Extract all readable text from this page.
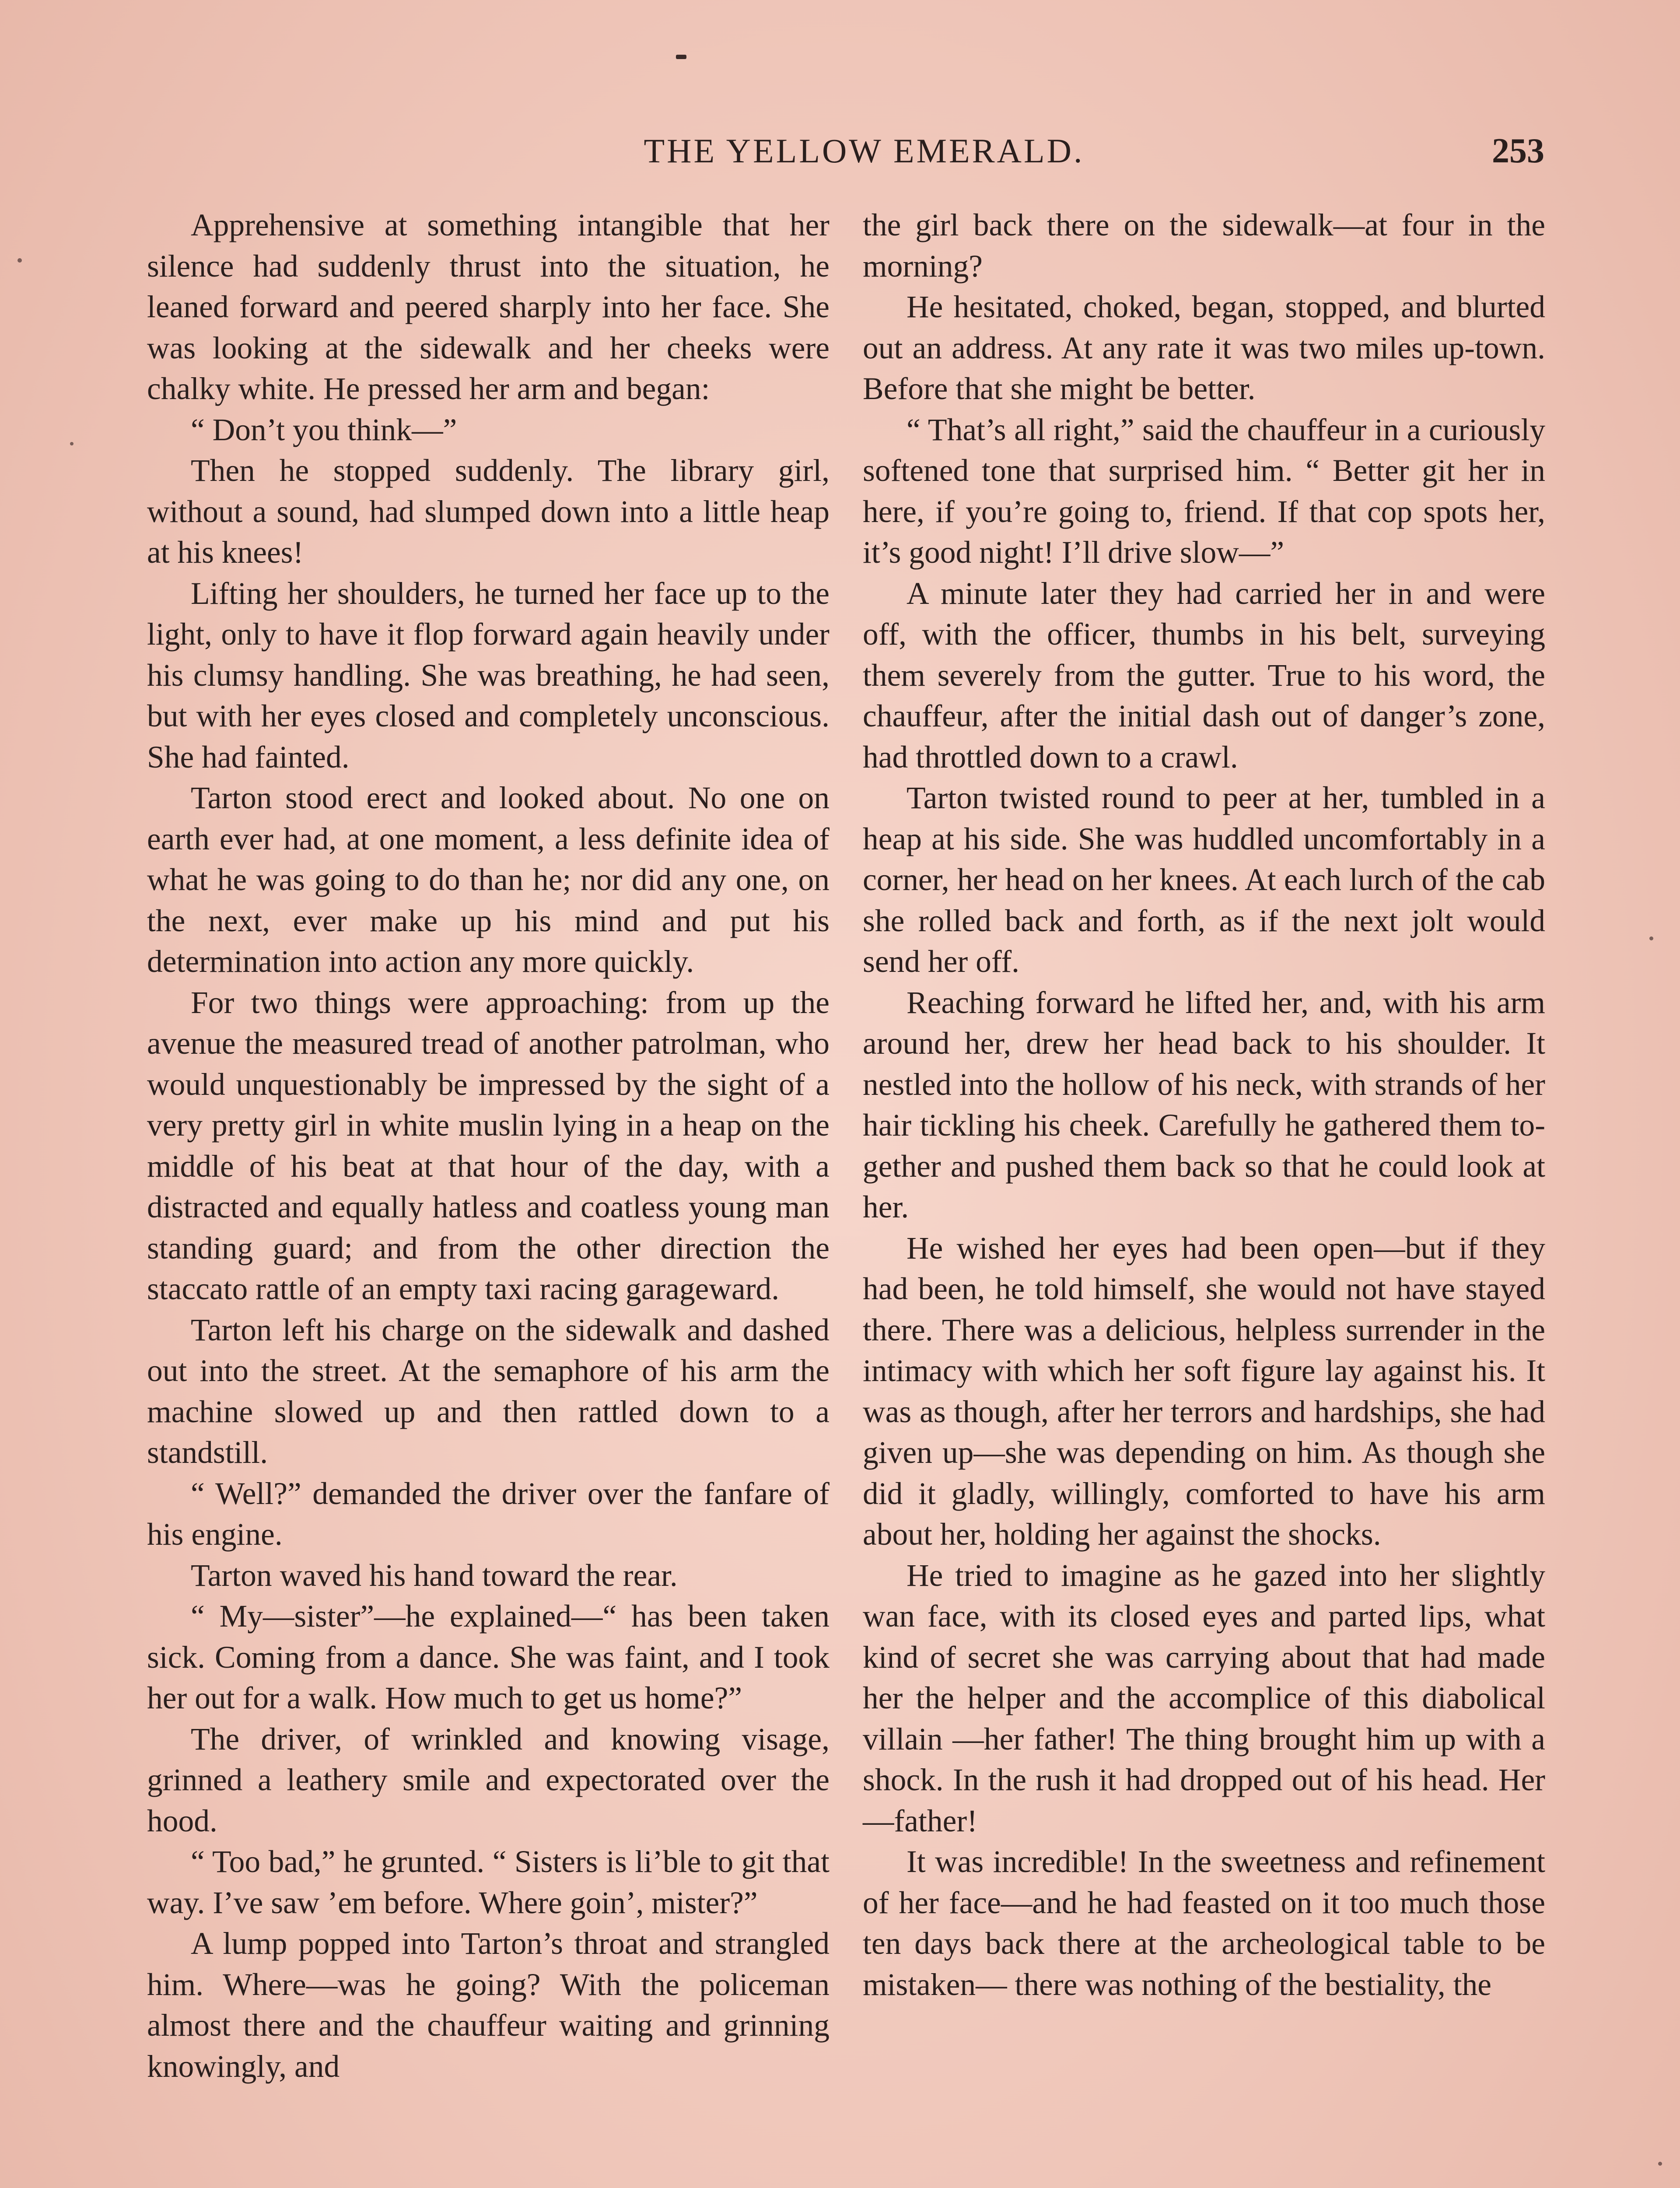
THE YELLOW EMERALD.	253

Apprehensive at something intangible that her silence had suddenly thrust into the situation, he leaned forward and peered sharply into her face. She was looking at the sidewalk and her cheeks were chalky white. He pressed her arm and began:

“ Don’t you think—”

Then he stopped suddenly. The library girl, without a sound, had slumped down into a little heap at his knees!

Lifting her shoulders, he turned her face up to the light, only to have it flop forward again heavily under his clumsy handling. She was breathing, he had seen, but with her eyes closed and completely unconscious. She had fainted.

Tarton stood erect and looked about. No one on earth ever had, at one moment, a less definite idea of what he was going to do than he; nor did any one, on the next, ever make up his mind and put his determination into action any more quickly.

For two things were approaching: from up the avenue the measured tread of another patrolman, who would unquestionably be impressed by the sight of a very pretty girl in white muslin lying in a heap on the middle of his beat at that hour of the day, with a distracted and equally hatless and coatless young man standing guard; and from the other direction the staccato rattle of an empty taxi racing garageward.

Tarton left his charge on the sidewalk and dashed out into the street. At the semaphore of his arm the machine slowed up and then rattled down to a standstill.

“ Well?” demanded the driver over the fanfare of his engine.

Tarton waved his hand toward the rear.

“ My—sister”—he explained—“ has been taken sick. Coming from a dance. She was faint, and I took her out for a walk. How much to get us home?”

The driver, of wrinkled and knowing visage, grinned a leathery smile and expectorated over the hood.

“ Too bad,” he grunted. “ Sisters is li’ble to git that way. I’ve saw ’em before. Where goin’, mister?”

A lump popped into Tarton’s throat and strangled him. Where—was he going? With the policeman almost there and the chauffeur waiting and grinning knowingly, and

the girl back there on the sidewalk—at four in the morning?

He hesitated, choked, began, stopped, and blurted out an address. At any rate it was two miles up-town. Before that she might be better.

“ That’s all right,” said the chauffeur in a curiously softened tone that surprised him. “ Better git her in here, if you’re going to, friend. If that cop spots her, it’s good night! I’ll drive slow—”

A minute later they had carried her in and were off, with the officer, thumbs in his belt, surveying them severely from the gutter. True to his word, the chauffeur, after the initial dash out of danger’s zone, had throttled down to a crawl.

Tarton twisted round to peer at her, tumbled in a heap at his side. She was huddled uncomfortably in a corner, her head on her knees. At each lurch of the cab she rolled back and forth, as if the next jolt would send her off.

Reaching forward he lifted her, and, with his arm around her, drew her head back to his shoulder. It nestled into the hollow of his neck, with strands of her hair tickling his cheek. Carefully he gathered them together and pushed them back so that he could look at her.

He wished her eyes had been open—but if they had been, he told himself, she would not have stayed there. There was a delicious, helpless surrender in the intimacy with which her soft figure lay against his. It was as though, after her terrors and hardships, she had given up—she was depending on him. As though she did it gladly, willingly, comforted to have his arm about her, holding her against the shocks.

He tried to imagine as he gazed into her slightly wan face, with its closed eyes and parted lips, what kind of secret she was carrying about that had made her the helper and the accomplice of this diabolical villain —her father! The thing brought him up with a shock. In the rush it had dropped out of his head. Her—father!

It was incredible! In the sweetness and refinement of her face—and he had feasted on it too much those ten days back there at the archeological table to be mistaken— there was nothing of the bestiality, the
